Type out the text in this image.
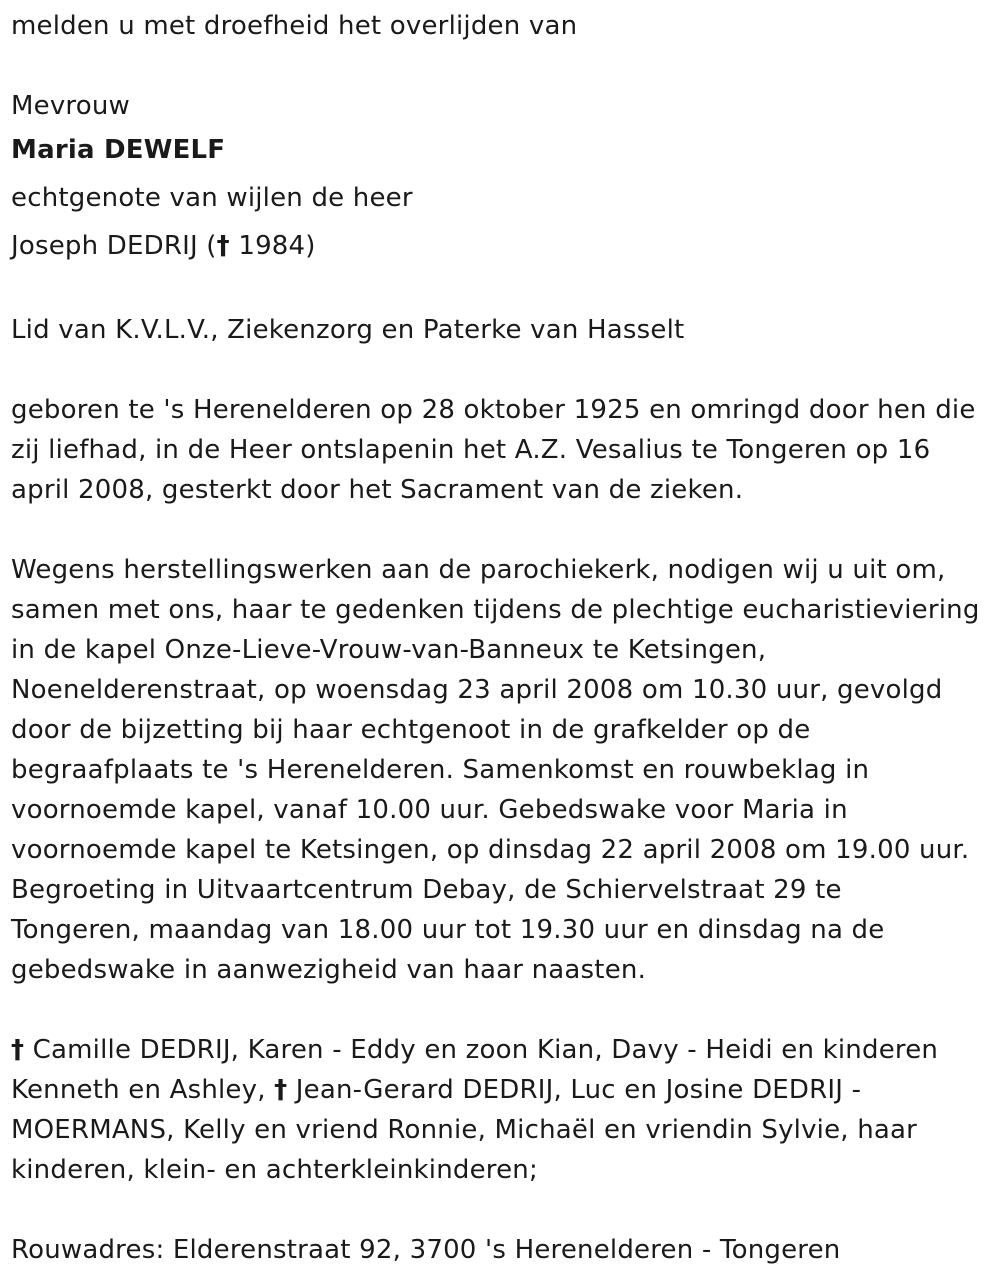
melden u met droefheid het overlijden van
Mevrouw
Maria DEWELF
echtgenote van wijlen de heer
Joseph DEDRIJ († 1984)
Lid van K.V.L.V., Ziekenzorg en Paterke van Hasselt
geboren te 's Herenelderen op 28 oktober 1925 en omringd door hen die
zij liefhad, in de Heer ontslapenin het A.Z. Vesalius te Tongeren op 16
april 2008, gesterkt door het Sacrament van de zieken.
Wegens herstellingswerken aan de parochiekerk, nodigen wij u uit om,
samen met ons, haar te gedenken tijdens de plechtige eucharistieviering
in de kapel Onze-Lieve-Vrouw-van-Banneux te Ketsingen,
Noenelderenstraat, op woensdag 23 april 2008 om 10.30 uur, gevolgd
door de bijzetting bij haar echtgenoot in de grafkelder op de
begraafplaats te 's Herenelderen. Samenkomst en rouwbeklag in
voornoemde kapel, vanaf 10.00 uur. Gebedswake voor Maria in
voornoemde kapel te Ketsingen, op dinsdag 22 april 2008 om 19.00 uur.
Begroeting in Uitvaartcentrum Debay, de Schiervelstraat 29 te
Tongeren, maandag van 18.00 uur tot 19.30 uur en dinsdag na de
gebedswake in aanwezigheid van haar naasten.
† Camille DEDRIJ, Karen - Eddy en zoon Kian, Davy - Heidi en kinderen
Kenneth en Ashley, † Jean-Gerard DEDRIJ, Luc en Josine DEDRIJ -
MOERMANS, Kelly en vriend Ronnie, Michaël en vriendin Sylvie, haar
kinderen, klein- en achterkleinkinderen;
Rouwadres: Elderenstraat 92, 3700 's Herenelderen - Tongeren
